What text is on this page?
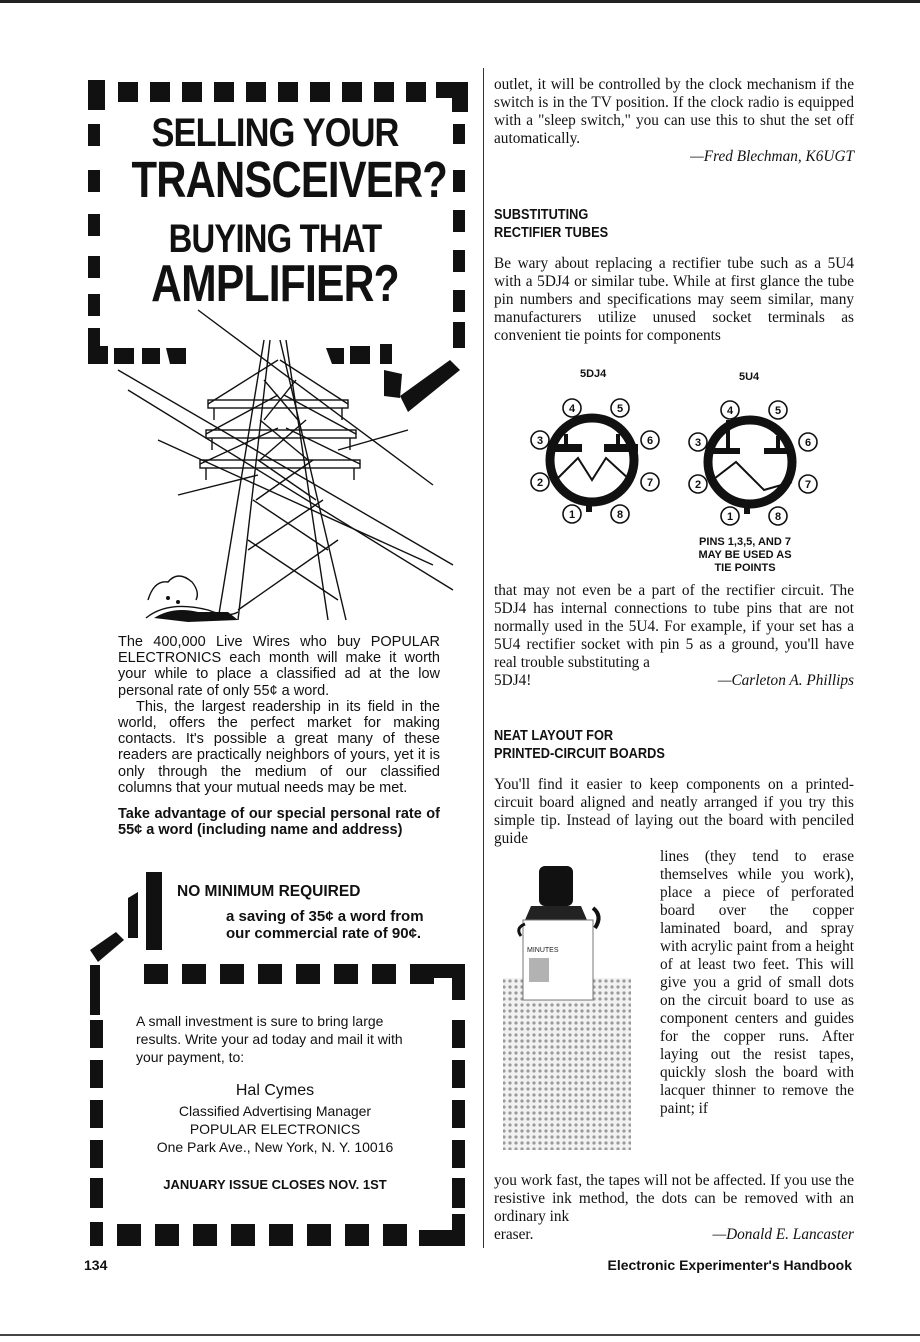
SELLING YOUR
TRANSCEIVER?
BUYING THAT
AMPLIFIER?

The 400,000 Live Wires who buy POPULAR ELECTRONICS each month will make it worth your while to place a classified ad at the low personal rate of only 55¢ a word.

This, the largest readership in its field in the world, offers the perfect market for making contacts. It's possible a great many of these readers are practically neighbors of yours, yet it is only through the medium of our classified columns that your mutual needs may be met.

Take advantage of our special personal rate of 55¢ a word (including name and address)

NO MINIMUM REQUIRED
a saving of 35¢ a word from our commercial rate of 90¢.
A small investment is sure to bring large results. Write your ad today and mail it with your payment, to:
Hal Cymes
Classified Advertising Manager
POPULAR ELECTRONICS
One Park Ave., New York, N. Y. 10016
JANUARY ISSUE CLOSES NOV. 1ST

outlet, it will be controlled by the clock mechanism if the switch is in the TV position. If the clock radio is equipped with a "sleep switch," you can use this to shut the set off automatically.

—Fred Blechman, K6UGT

SUBSTITUTING
RECTIFIER TUBES

Be wary about replacing a rectifier tube such as a 5U4 with a 5DJ4 or similar tube. While at first glance the tube pin numbers and specifications may seem similar, many manufacturers utilize unused socket terminals as convenient tie points for components

5DJ4	5U4
4	5
3	6
2	7
1	8
4	5
3	6
2	7
1	8
PINS 1,3,5, AND 7
MAY BE USED AS
TIE POINTS

that may not even be a part of the rectifier circuit. The 5DJ4 has internal connections to tube pins that are not normally used in the 5U4. For example, if your set has a 5U4 rectifier socket with pin 5 as a ground, you'll have real trouble substituting a

5DJ4!	—Carleton A. Phillips

NEAT LAYOUT FOR
PRINTED-CIRCUIT BOARDS

You'll find it easier to keep components on a printed-circuit board aligned and neatly arranged if you try this simple tip. Instead of laying out the board with penciled guide

MINUTES

lines (they tend to erase themselves while you work), place a piece of perforated board over the copper laminated board, and spray with acrylic paint from a height of at least two feet. This will give you a grid of small dots on the circuit board to use as component centers and guides for the copper runs. After laying out the resist tapes, quickly slosh the board with lacquer thinner to remove the paint; if

you work fast, the tapes will not be affected. If you use the resistive ink method, the dots can be removed with an ordinary ink

eraser.	—Donald E. Lancaster

134	Electronic Experimenter's Handbook
